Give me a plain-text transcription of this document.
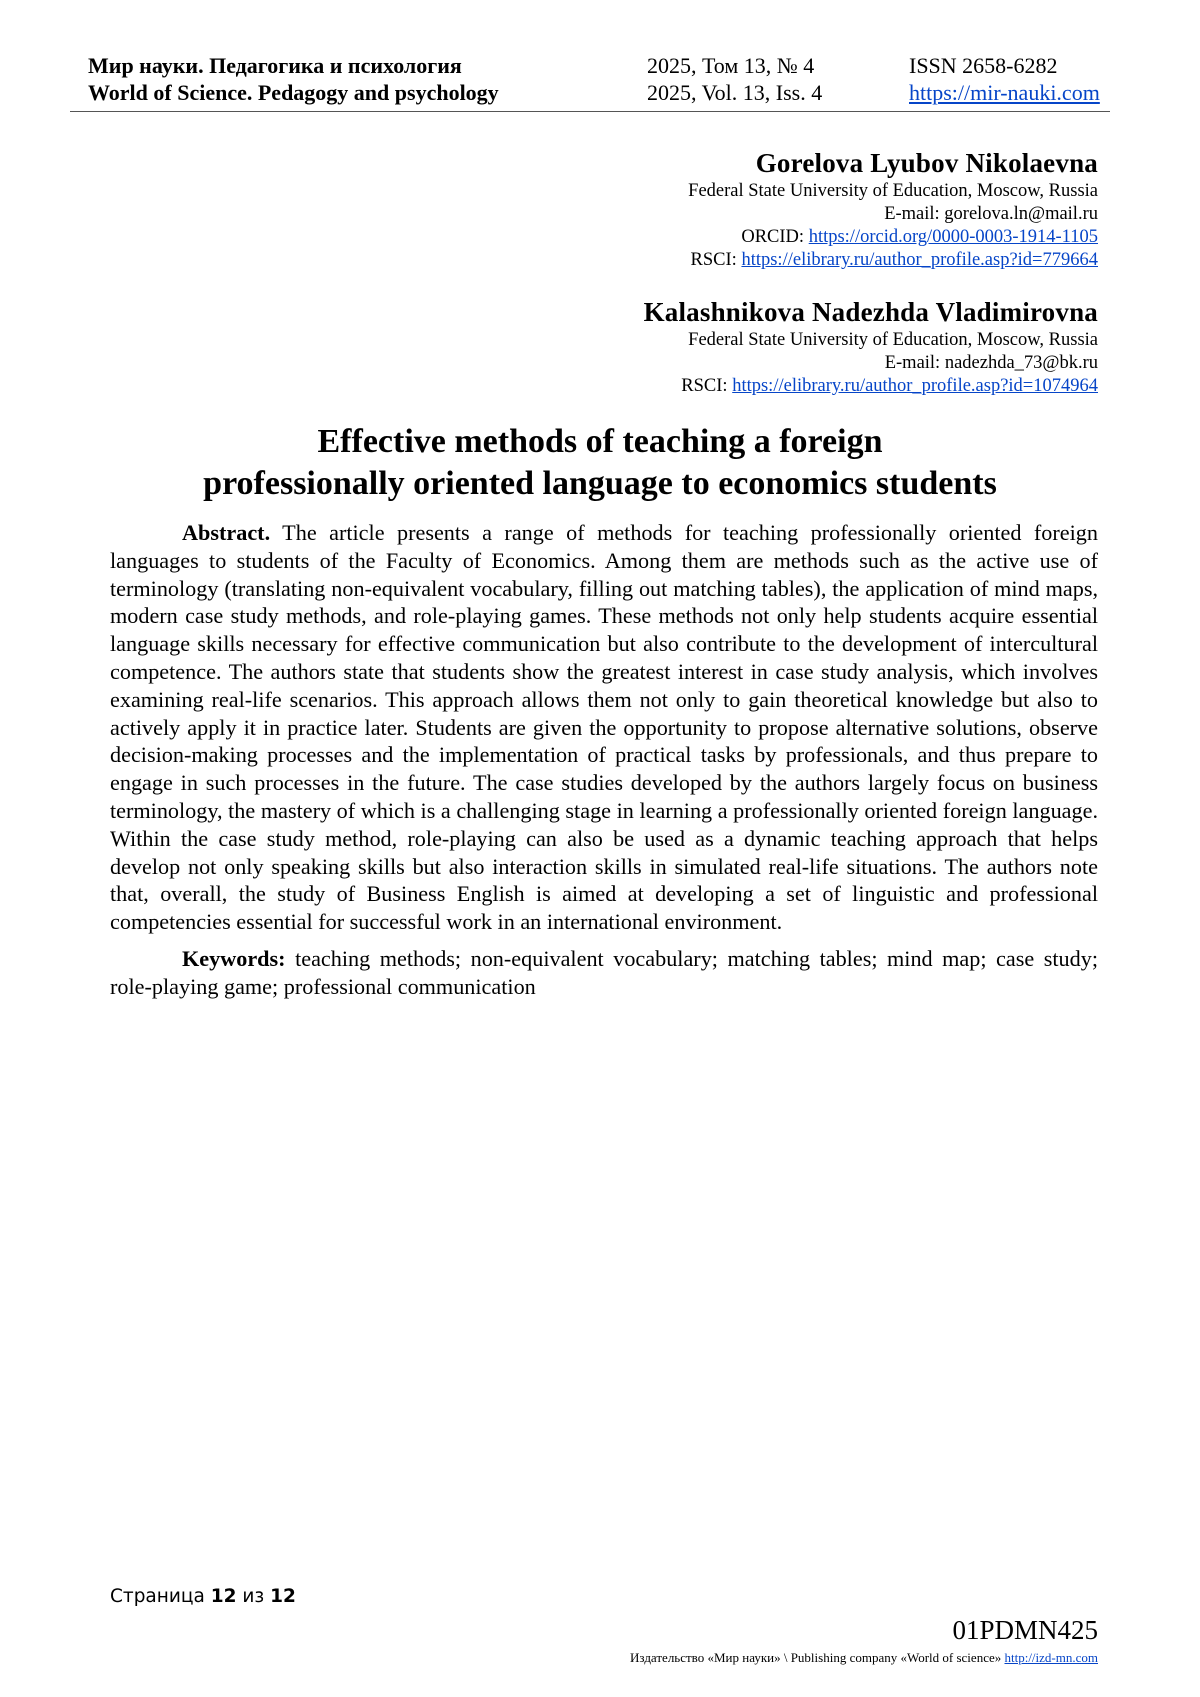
Мир науки. Педагогика и психология
World of Science. Pedagogy and psychology
2025, Том 13, № 4
2025, Vol. 13, Iss. 4
ISSN 2658-6282
https://mir-nauki.com
Gorelova Lyubov Nikolaevna
Federal State University of Education, Moscow, Russia
E-mail: gorelova.ln@mail.ru
ORCID: https://orcid.org/0000-0003-1914-1105
RSCI: https://elibrary.ru/author_profile.asp?id=779664
Kalashnikova Nadezhda Vladimirovna
Federal State University of Education, Moscow, Russia
E-mail: nadezhda_73@bk.ru
RSCI: https://elibrary.ru/author_profile.asp?id=1074964
Effective methods of teaching a foreign
professionally oriented language to economics students

Abstract. The article presents a range of methods for teaching professionally oriented foreign languages to students of the Faculty of Economics. Among them are methods such as the active use of terminology (translating non-equivalent vocabulary, filling out matching tables), the application of mind maps, modern case study methods, and role-playing games. These methods not only help students acquire essential language skills necessary for effective communication but also contribute to the development of intercultural competence. The authors state that students show the greatest interest in case study analysis, which involves examining real-life scenarios. This approach allows them not only to gain theoretical knowledge but also to actively apply it in practice later. Students are given the opportunity to propose alternative solutions, observe decision-making processes and the implementation of practical tasks by professionals, and thus prepare to engage in such processes in the future. The case studies developed by the authors largely focus on business terminology, the mastery of which is a challenging stage in learning a professionally oriented foreign language. Within the case study method, role-playing can also be used as a dynamic teaching approach that helps develop not only speaking skills but also interaction skills in simulated real-life situations. The authors note that, overall, the study of Business English is aimed at developing a set of linguistic and professional competencies essential for successful work in an international environment.

Keywords: teaching methods; non-equivalent vocabulary; matching tables; mind map; case study; role-playing game; professional communication

Страница 12 из 12
01PDMN425
Издательство «Мир науки» \ Publishing company «World of science» http://izd-mn.com
